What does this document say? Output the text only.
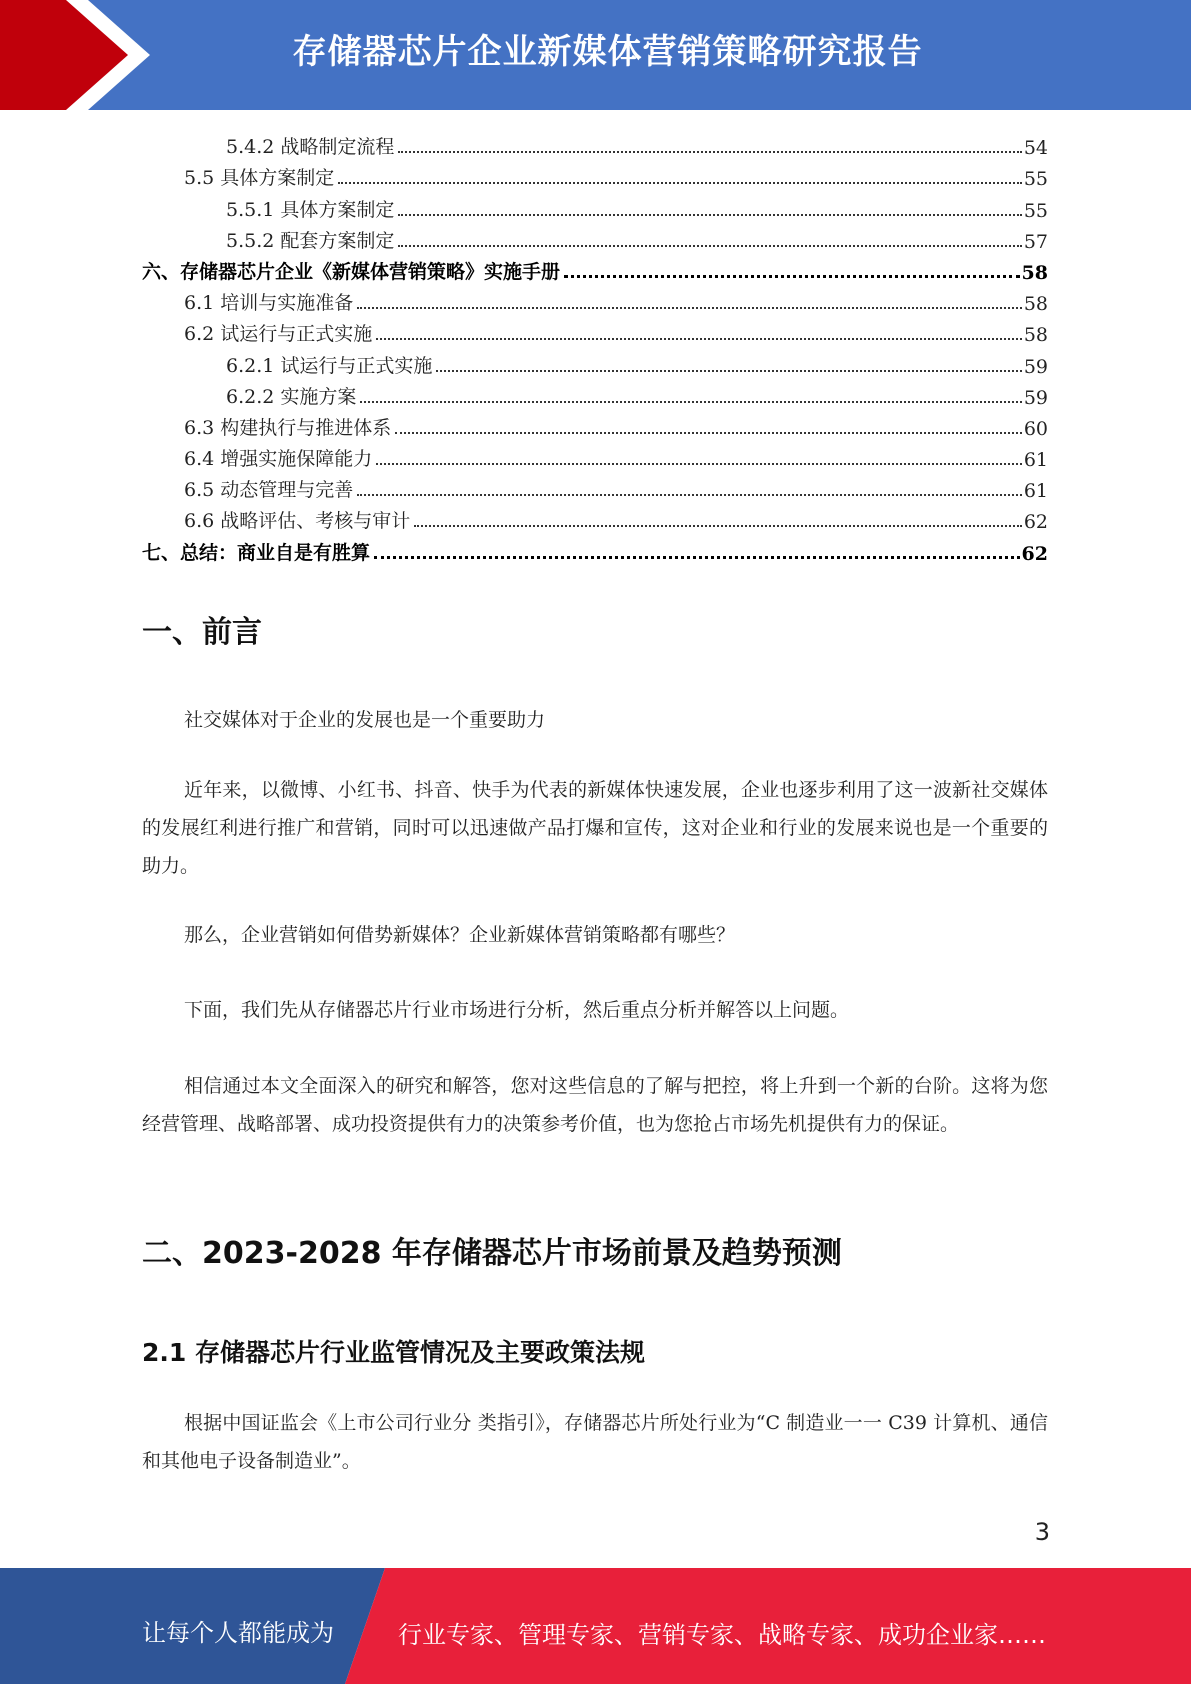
存储器芯片企业新媒体营销策略研究报告
5.4.2 战略制定流程	54
5.5 具体方案制定	55
5.5.1 具体方案制定	55
5.5.2 配套方案制定	57
六、存储器芯片企业《新媒体营销策略》实施手册	58
6.1 培训与实施准备	58
6.2 试运行与正式实施	58
6.2.1 试运行与正式实施	59
6.2.2 实施方案	59
6.3 构建执行与推进体系	60
6.4 增强实施保障能力	61
6.5 动态管理与完善	61
6.6 战略评估、考核与审计	62
七、总结：商业自是有胜算	62
一、前言

社交媒体对于企业的发展也是一个重要助力

近年来，以微博、小红书、抖音、快手为代表的新媒体快速发展，企业也逐步利用了这一波新社交媒体的发展红利进行推广和营销，同时可以迅速做产品打爆和宣传，这对企业和行业的发展来说也是一个重要的助力。

那么，企业营销如何借势新媒体？企业新媒体营销策略都有哪些？

下面，我们先从存储器芯片行业市场进行分析，然后重点分析并解答以上问题。

相信通过本文全面深入的研究和解答，您对这些信息的了解与把控，将上升到一个新的台阶。这将为您经营管理、战略部署、成功投资提供有力的决策参考价值，也为您抢占市场先机提供有力的保证。

二、2023-2028 年存储器芯片市场前景及趋势预测
2.1 存储器芯片行业监管情况及主要政策法规

根据中国证监会《上市公司行业分 类指引》，存储器芯片所处行业为“C 制造业一一 C39 计算机、通信和其他电子设备制造业”。

3
让每个人都能成为	行业专家、管理专家、营销专家、战略专家、成功企业家……
